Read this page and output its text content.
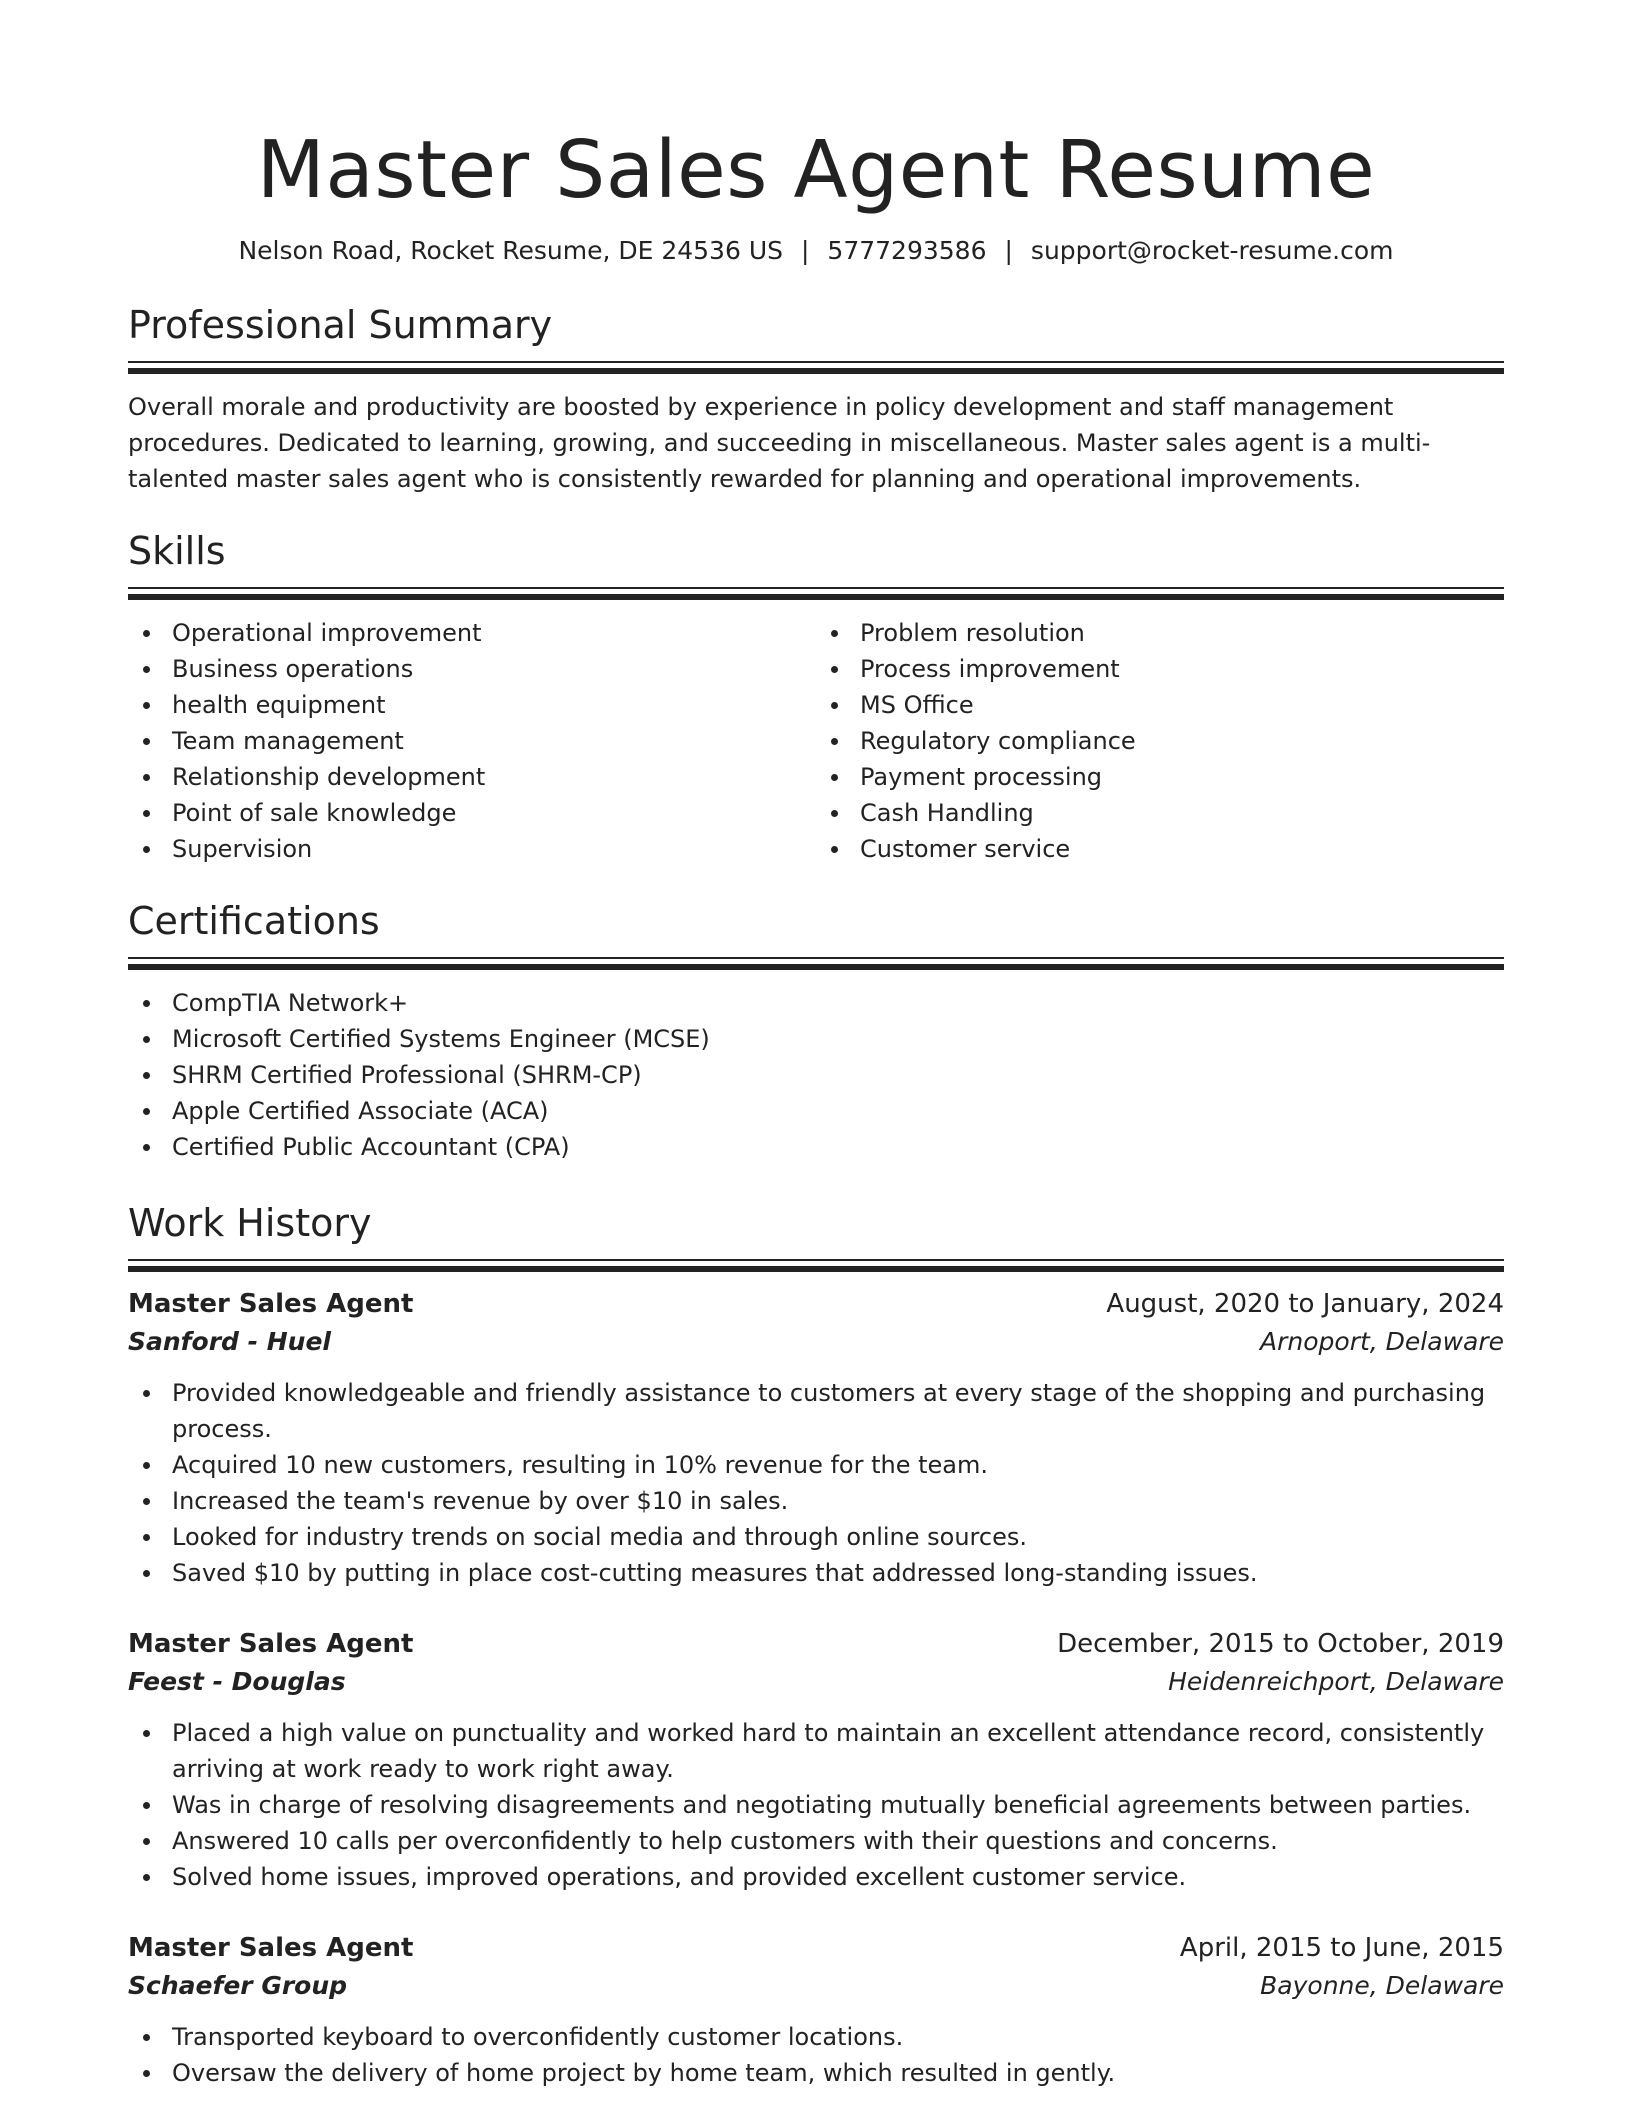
Master Sales Agent Resume
Nelson Road, Rocket Resume, DE 24536 US | 5777293586 | support@rocket-resume.com
Professional Summary

Overall morale and productivity are boosted by experience in policy development and staff management procedures. Dedicated to learning, growing, and succeeding in miscellaneous. Master sales agent is a multi-talented master sales agent who is consistently rewarded for planning and operational improvements.

Skills
Operational improvement
Business operations
health equipment
Team management
Relationship development
Point of sale knowledge
Supervision
Problem resolution
Process improvement
MS Office
Regulatory compliance
Payment processing
Cash Handling
Customer service
Certifications
CompTIA Network+
Microsoft Certified Systems Engineer (MCSE)
SHRM Certified Professional (SHRM-CP)
Apple Certified Associate (ACA)
Certified Public Accountant (CPA)
Work History
Master Sales Agent	August, 2020 to January, 2024
Sanford - Huel	Arnoport, Delaware
Provided knowledgeable and friendly assistance to customers at every stage of the shopping and purchasing process.
Acquired 10 new customers, resulting in 10% revenue for the team.
Increased the team's revenue by over $10 in sales.
Looked for industry trends on social media and through online sources.
Saved $10 by putting in place cost-cutting measures that addressed long-standing issues.
Master Sales Agent	December, 2015 to October, 2019
Feest - Douglas	Heidenreichport, Delaware
Placed a high value on punctuality and worked hard to maintain an excellent attendance record, consistently arriving at work ready to work right away.
Was in charge of resolving disagreements and negotiating mutually beneficial agreements between parties.
Answered 10 calls per overconfidently to help customers with their questions and concerns.
Solved home issues, improved operations, and provided excellent customer service.
Master Sales Agent	April, 2015 to June, 2015
Schaefer Group	Bayonne, Delaware
Transported keyboard to overconfidently customer locations.
Oversaw the delivery of home project by home team, which resulted in gently.
